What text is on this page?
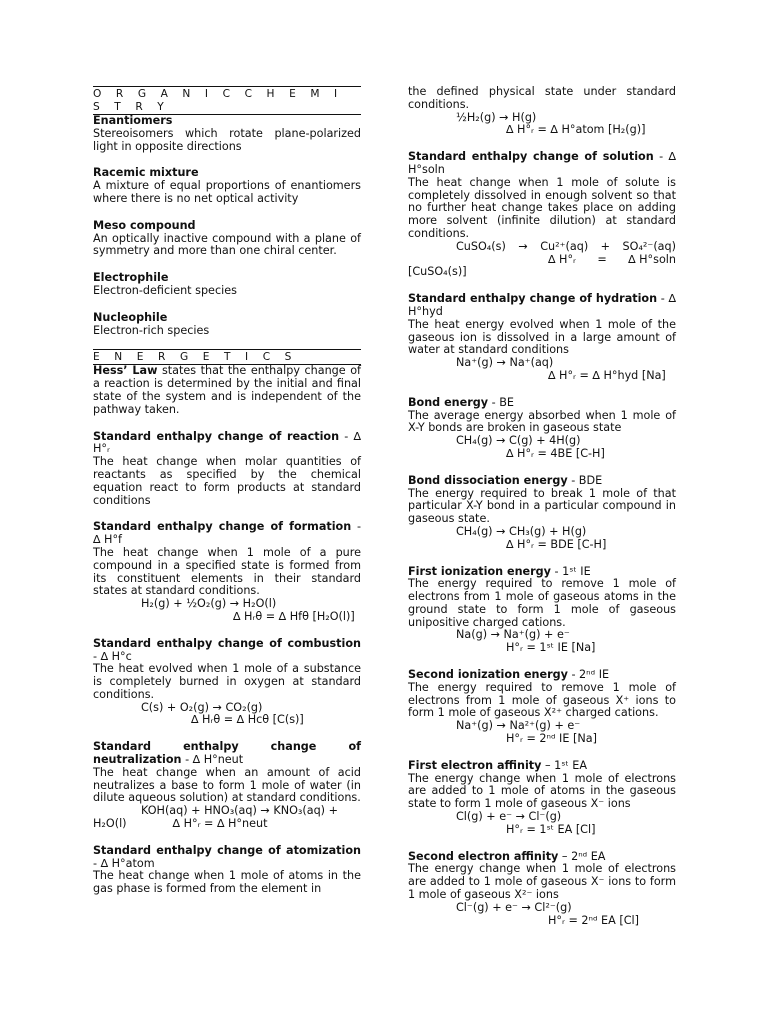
O R G A N I C C H E M I S T R Y
Enantiomers
Stereoisomers which rotate plane-polarized light in opposite directions
Racemic mixture
A mixture of equal proportions of enantiomers where there is no net optical activity
Meso compound
An optically inactive compound with a plane of symmetry and more than one chiral center.
Electrophile
Electron-deficient species
Nucleophile
Electron-rich species
E N E R G E T I C S
Hess’ Law states that the enthalpy change of a reaction is determined by the initial and final state of the system and is independent of the pathway taken.
Standard enthalpy change of reaction - ∆ H°ᵣ
The heat change when molar quantities of reactants as specified by the chemical equation react to form products at standard conditions
Standard enthalpy change of formation - ∆ H°f
The heat change when 1 mole of a pure compound in a specified state is formed from its constituent elements in their standard states at standard conditions.
H₂(g) + ½O₂(g) → H₂O(l)
∆ Hᵣθ = ∆ Hfθ [H₂O(l)]
Standard enthalpy change of combustion - ∆ H°c
The heat evolved when 1 mole of a substance is completely burned in oxygen at standard conditions.
C(s) + O₂(g) → CO₂(g)
∆ Hᵣθ = ∆ Hcθ [C(s)]
Standard enthalpy change of neutralization - ∆ H°neut
The heat change when an amount of acid neutralizes a base to form 1 mole of water (in dilute aqueous solution) at standard conditions.
KOH(aq) + HNO₃(aq) → KNO₃(aq) +
H₂O(l)	∆ H°ᵣ = ∆ H°neut
Standard enthalpy change of atomization - ∆ H°atom
The heat change when 1 mole of atoms in the gas phase is formed from the element in
the defined physical state under standard conditions.
½H₂(g) → H(g)
∆ H°ᵣ = ∆ H°atom [H₂(g)]
Standard enthalpy change of solution - ∆ H°soln
The heat change when 1 mole of solute is completely dissolved in enough solvent so that no further heat change takes place on adding more solvent (infinite dilution) at standard conditions.
CuSO₄(s) → Cu²⁺(aq) + SO₄²⁻(aq)
∆ H°ᵣ = ∆ H°soln
[CuSO₄(s)]
Standard enthalpy change of hydration - ∆ H°hyd
The heat energy evolved when 1 mole of the gaseous ion is dissolved in a large amount of water at standard conditions
Na⁺(g) → Na⁺(aq)
∆ H°ᵣ = ∆ H°hyd [Na]
Bond energy - BE
The average energy absorbed when 1 mole of X-Y bonds are broken in gaseous state
CH₄(g) → C(g) + 4H(g)
∆ H°ᵣ = 4BE [C-H]
Bond dissociation energy - BDE
The energy required to break 1 mole of that particular X-Y bond in a particular compound in gaseous state.
CH₄(g) → CH₃(g) + H(g)
∆ H°ᵣ = BDE [C-H]
First ionization energy - 1ˢᵗ IE
The energy required to remove 1 mole of electrons from 1 mole of gaseous atoms in the ground state to form 1 mole of gaseous unipositive charged cations.
Na(g) → Na⁺(g) + e⁻
H°ᵣ = 1ˢᵗ IE [Na]
Second ionization energy - 2ⁿᵈ IE
The energy required to remove 1 mole of electrons from 1 mole of gaseous X⁺ ions to form 1 mole of gaseous X²⁺ charged cations.
Na⁺(g) → Na²⁺(g) + e⁻
H°ᵣ = 2ⁿᵈ IE [Na]
First electron affinity – 1ˢᵗ EA
The energy change when 1 mole of electrons are added to 1 mole of atoms in the gaseous state to form 1 mole of gaseous X⁻ ions
Cl(g) + e⁻ → Cl⁻(g)
H°ᵣ = 1ˢᵗ EA [Cl]
Second electron affinity – 2ⁿᵈ EA
The energy change when 1 mole of electrons are added to 1 mole of gaseous X⁻ ions to form 1 mole of gaseous X²⁻ ions
Cl⁻(g) + e⁻ → Cl²⁻(g)
H°ᵣ = 2ⁿᵈ EA [Cl]
